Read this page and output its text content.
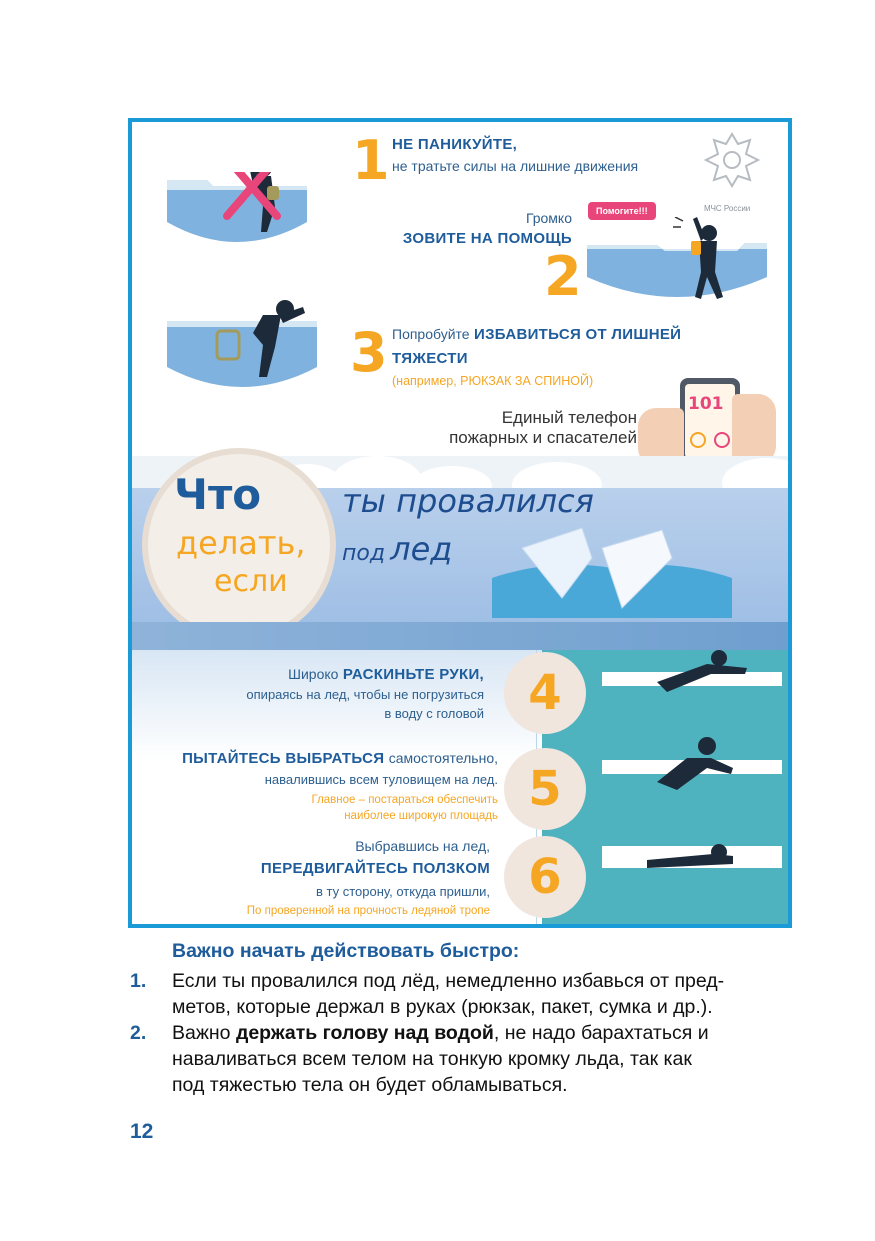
1 НЕ ПАНИКУЙТЕ,
не тратьте силы на лишние движения
МЧС России
Громко
ЗОВИТЕ НА ПОМОЩЬ
2
Помогите!!!
3 Попробуйте ИЗБАВИТЬСЯ ОТ ЛИШНЕЙ
ТЯЖЕСТИ
(например, РЮКЗАК ЗА СПИНОЙ)
Единый телефон
пожарных и спасателей
101
Что
делать,
если
ты провалился
под лед
Широко РАСКИНЬТЕ РУКИ,
опираясь на лед, чтобы не погрузиться
в воду с головой 4
ПЫТАЙТЕСЬ ВЫБРАТЬСЯ самостоятельно,
навалившись всем туловищем на лед.
Главное – постараться обеспечить
наиболее широкую площадь 5
Выбравшись на лед,
ПЕРЕДВИГАЙТЕСЬ ПОЛЗКОМ
в ту сторону, откуда пришли,
По проверенной на прочность ледяной тропе
6
Важно начать действовать быстро:
1. Если ты провалился под лёд, немедленно избавься от пред-
метов, которые держал в руках (рюкзак, пакет, сумка и др.).
2. Важно держать голову над водой, не надо барахтаться и
наваливаться всем телом на тонкую кромку льда, так как
под тяжестью тела он будет обламываться.
12
